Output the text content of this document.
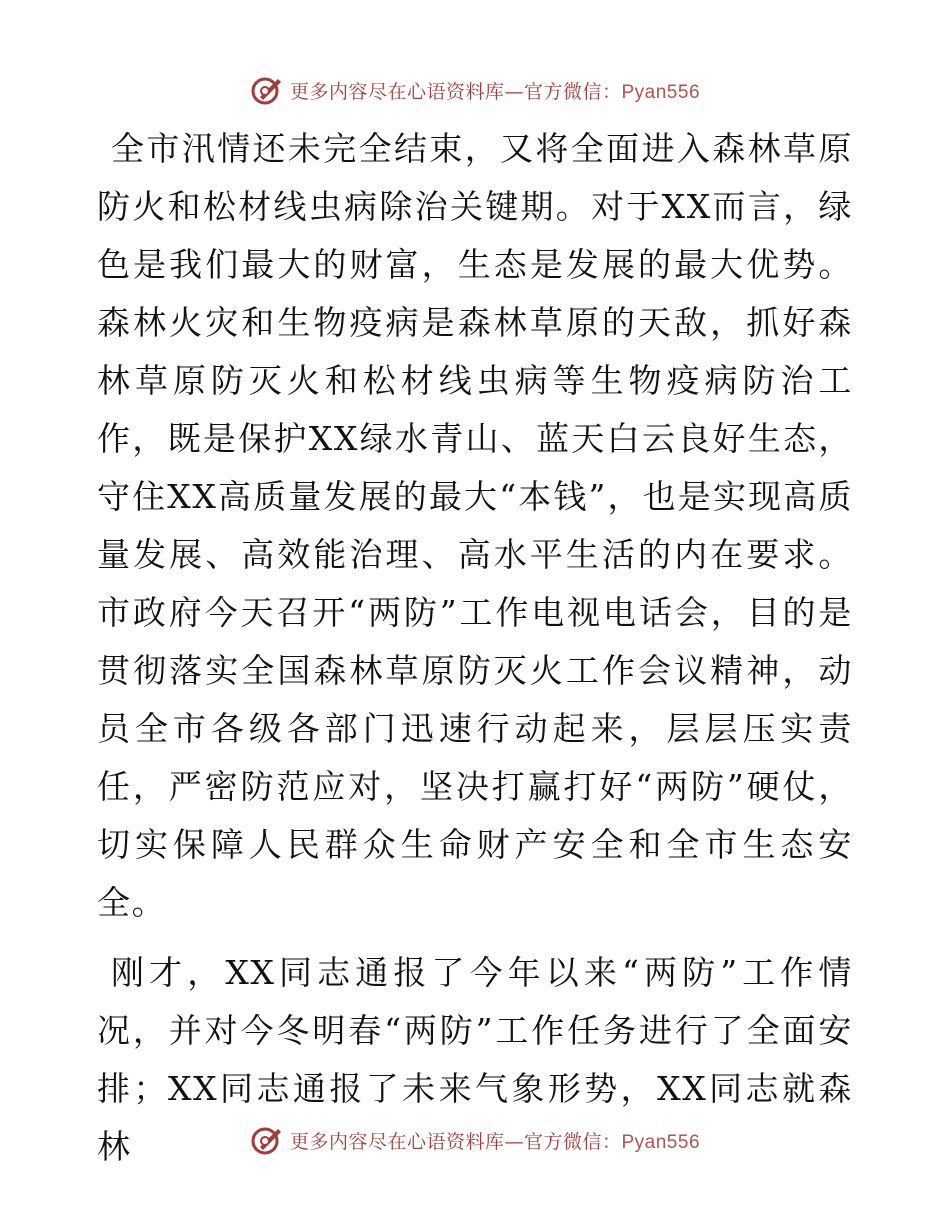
更多内容尽在心语资料库—官方微信：Pyan556

全市汛情还未完全结束，又将全面进入森林草原防火和松材线虫病除治关键期。对于XX而言，绿色是我们最大的财富，生态是发展的最大优势。森林火灾和生物疫病是森林草原的天敌，抓好森林草原防灭火和松材线虫病等生物疫病防治工作，既是保护XX绿水青山、蓝天白云良好生态，守住XX高质量发展的最大“本钱”，也是实现高质量发展、高效能治理、高水平生活的内在要求。市政府今天召开“两防”工作电视电话会，目的是贯彻落实全国森林草原防灭火工作会议精神，动员全市各级各部门迅速行动起来，层层压实责任，严密防范应对，坚决打赢打好“两防”硬仗，切实保障人民群众生命财产安全和全市生态安全。

刚才，XX同志通报了今年以来“两防”工作情况，并对今冬明春“两防”工作任务进行了全面安排；XX同志通报了未来气象形势，XX同志就森林	更多内容尽在心语资料库—官方微信：Pyan556
